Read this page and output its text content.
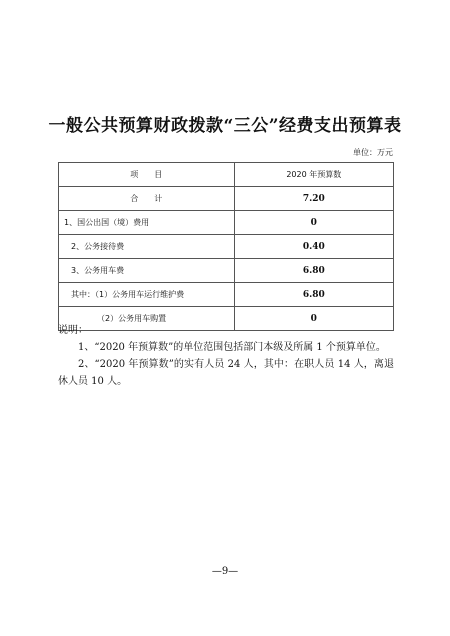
一般公共预算财政拨款“三公”经费支出预算表
单位：万元
项　　目	2020 年预算数
合　　计	7.20
1、国公出国（境）费用	0
2、公务接待费	0.40
3、公务用车费	6.80
其中：（1）公务用车运行维护费	6.80
（2）公务用车购置	0

说明：

1、“2020 年预算数”的单位范围包括部门本级及所属 1 个预算单位。

2、“2020 年预算数”的实有人员 24 人，其中：在职人员 14 人，离退休人员 10 人。

—9—
